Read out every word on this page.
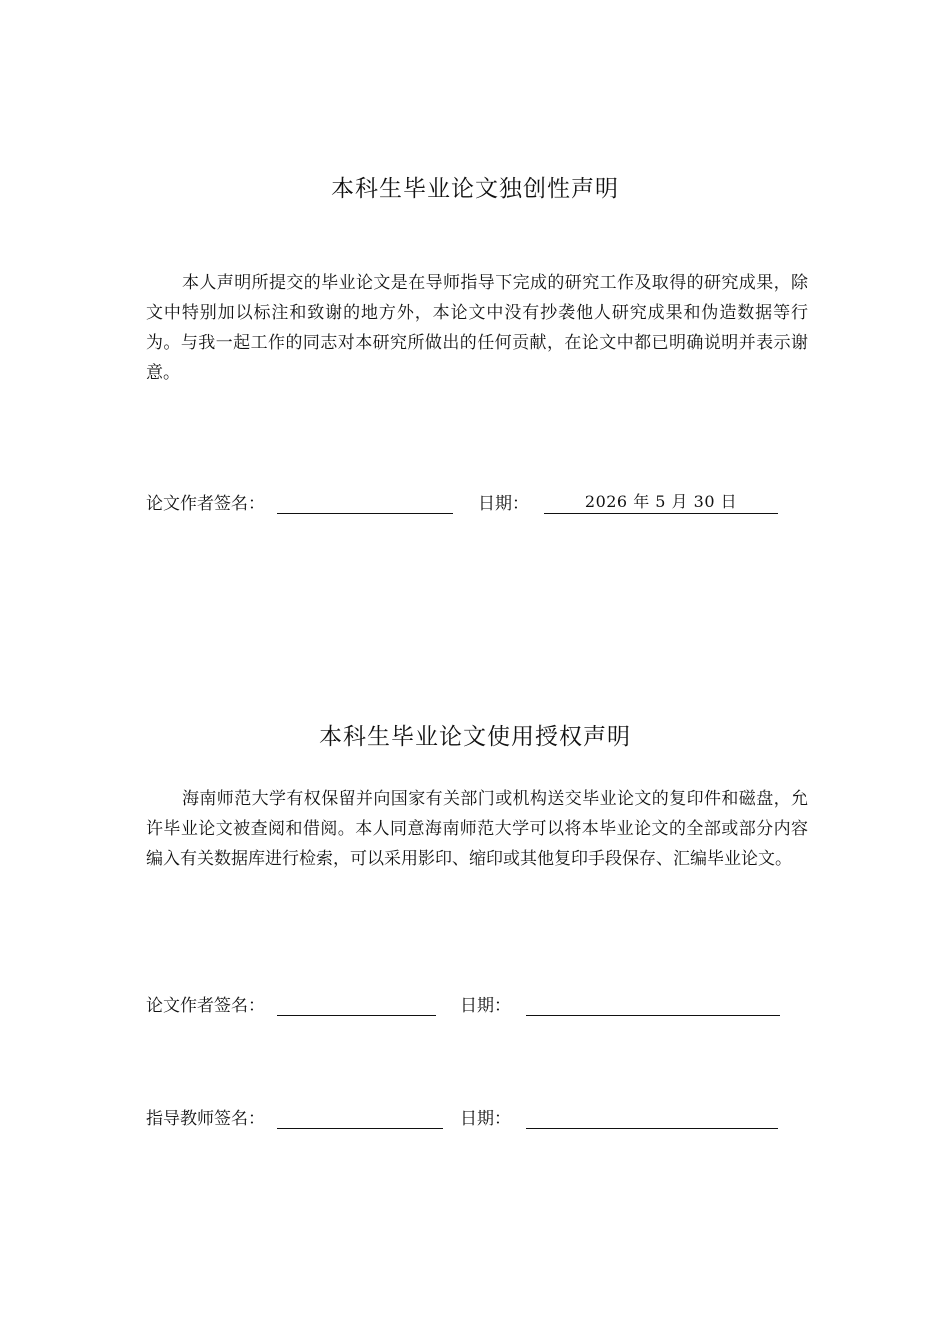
本科生毕业论文独创性声明
本人声明所提交的毕业论文是在导师指导下完成的研究工作及取得的研究成果，除文中特别加以标注和致谢的地方外，本论文中没有抄袭他人研究成果和伪造数据等行为。与我一起工作的同志对本研究所做出的任何贡献，在论文中都已明确说明并表示谢意。
论文作者签名：	日期：	2026 年 5 月 30 日
本科生毕业论文使用授权声明
海南师范大学有权保留并向国家有关部门或机构送交毕业论文的复印件和磁盘，允许毕业论文被查阅和借阅。本人同意海南师范大学可以将本毕业论文的全部或部分内容编入有关数据库进行检索，可以采用影印、缩印或其他复印手段保存、汇编毕业论文。
论文作者签名：	日期：
指导教师签名：	日期：
